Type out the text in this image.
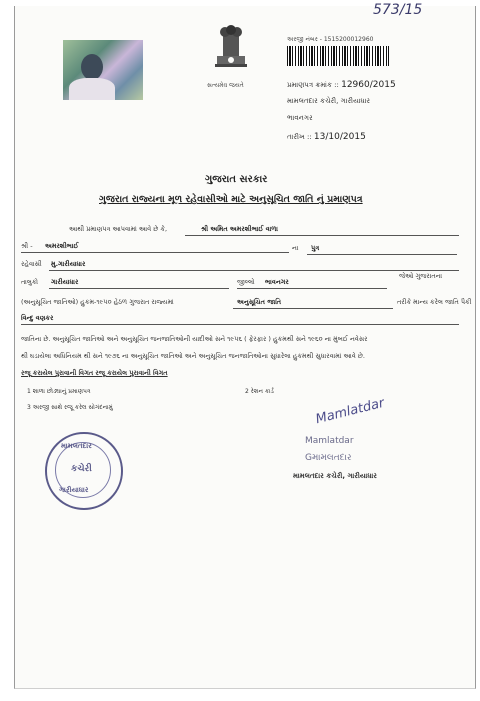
573/15
સત્યમેવ જયતે
અરજી નંબર - 1515200012960
પ્રમાણપત્ર ક્રમાંક :: 12960/2015
મામલતદાર કચેરી, ગારીયાધાર
ભાવનગર
તારીખ :: 13/10/2015
ગુજરાત સરકાર
ગુજરાત રાજ્યના મૂળ રહેવાસીઓ માટે અનુસૂચિત જાતિ નું પ્રમાણપત્ર
આથી પ્રમાણપત્ર આપવામાં આવે છે કે,	શ્રી અમિત અમરશીભાઈ વાળા
શ્રી - અમરશીભાઈ	ના પુત્ર
રહેવાસી મુ.ગારીયાધાર
તાલુકો ગારીયાધાર	જીલ્લો ભાવનગર
જેઓ ગુજરાતના
(અનુસૂચિત જાતિઓ) હુકમ-૧૯૫૦ હેઠળ ગુજરાત રાજ્યમાં	અનુસૂચિત જાતિ	તરીકે માન્ય કરેલ જાતિ પૈકી
વિન્દુ વણકર
જાતિના છે. અનુસૂચિત જાતિઓ અને અનુસૂચિત જનજાતિઓની યાદીઓ સને ૧૯૫૬ ( ફેરફાર ) હુકમથી સને ૧૯૬૦ ના મુંબઈ નવેસર
થી ઘડાયેલા અધિનિયમ થી સને ૧૯૭૬ ના અનુસૂચિત જાતિઓ અને અનુસૂચિત જનજાતિઓના સુધારેલા હુકમથી સુધારવામાં આવે છે.
રજૂ કરાયેલ પુરાવાની વિગત રજૂ કરાયેલ પુરાવાની વિગત
1 શાળા છોડ્યાનું પ્રમાણપત્ર	2 રેશન કાર્ડ
3 અરજી સાથે રજૂ કરેલ સોગંદનામું
મામલતદાર
કચેરી
ગારીયાધાર
Mamlatdar
Mamlatdar
Gમામલતદાર
મામલતદાર કચેરી, ગારીયાધાર
